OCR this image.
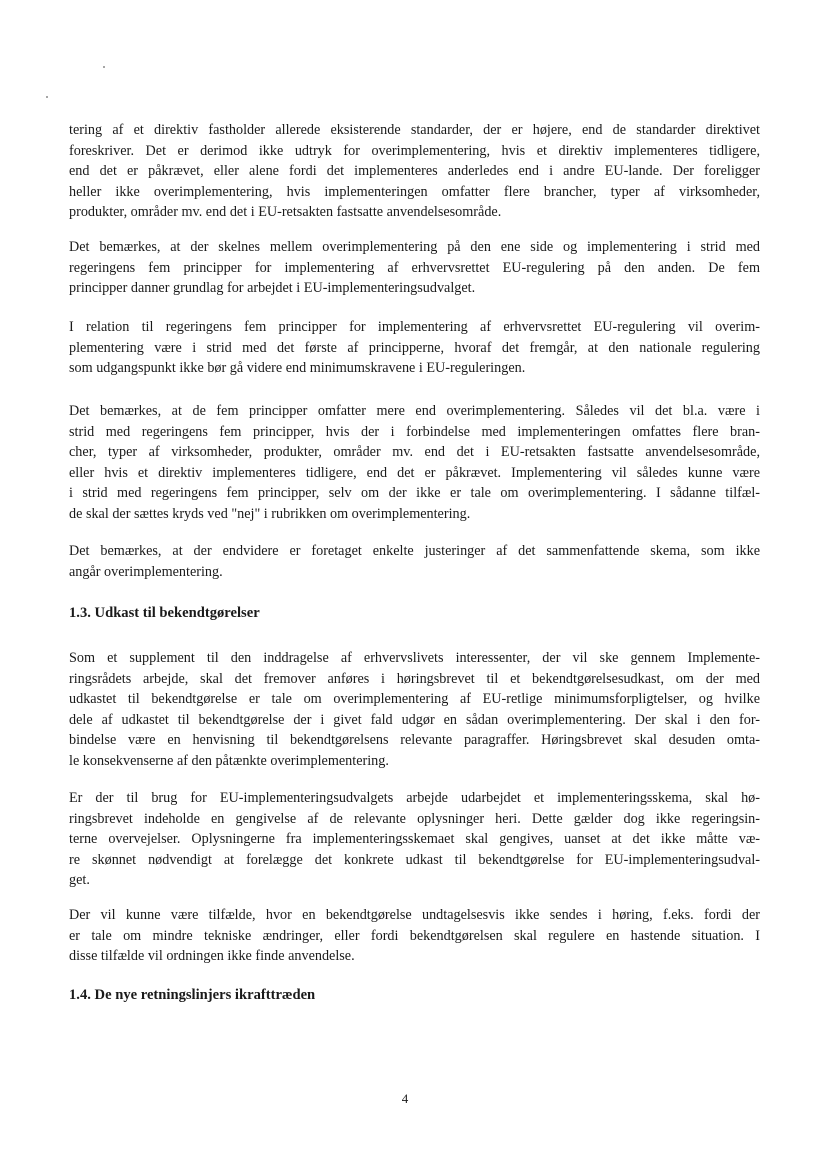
tering af et direktiv fastholder allerede eksisterende standarder, der er højere, end de standarder direktivet
foreskriver. Det er derimod ikke udtryk for overimplementering, hvis et direktiv implementeres tidligere,
end det er påkrævet, eller alene fordi det implementeres anderledes end i andre EU-lande. Der foreligger
heller ikke overimplementering, hvis implementeringen omfatter flere brancher, typer af virksomheder,
produkter, områder mv. end det i EU-retsakten fastsatte anvendelsesområde.

Det bemærkes, at der skelnes mellem overimplementering på den ene side og implementering i strid med
regeringens fem principper for implementering af erhvervsrettet EU-regulering på den anden. De fem
principper danner grundlag for arbejdet i EU-implementeringsudvalget.

I relation til regeringens fem principper for implementering af erhvervsrettet EU-regulering vil overim-
plementering være i strid med det første af principperne, hvoraf det fremgår, at den nationale regulering
som udgangspunkt ikke bør gå videre end minimumskravene i EU-reguleringen.

Det bemærkes, at de fem principper omfatter mere end overimplementering. Således vil det bl.a. være i
strid med regeringens fem principper, hvis der i forbindelse med implementeringen omfattes flere bran-
cher, typer af virksomheder, produkter, områder mv. end det i EU-retsakten fastsatte anvendelsesområde,
eller hvis et direktiv implementeres tidligere, end det er påkrævet. Implementering vil således kunne være
i strid med regeringens fem principper, selv om der ikke er tale om overimplementering. I sådanne tilfæl-
de skal der sættes kryds ved "nej" i rubrikken om overimplementering.

Det bemærkes, at der endvidere er foretaget enkelte justeringer af det sammenfattende skema, som ikke
angår overimplementering.

1.3. Udkast til bekendtgørelser

Som et supplement til den inddragelse af erhvervslivets interessenter, der vil ske gennem Implemente-
ringsrådets arbejde, skal det fremover anføres i høringsbrevet til et bekendtgørelsesudkast, om der med
udkastet til bekendtgørelse er tale om overimplementering af EU-retlige minimumsforpligtelser, og hvilke
dele af udkastet til bekendtgørelse der i givet fald udgør en sådan overimplementering. Der skal i den for-
bindelse være en henvisning til bekendtgørelsens relevante paragraffer. Høringsbrevet skal desuden omta-
le konsekvenserne af den påtænkte overimplementering.

Er der til brug for EU-implementeringsudvalgets arbejde udarbejdet et implementeringsskema, skal hø-
ringsbrevet indeholde en gengivelse af de relevante oplysninger heri. Dette gælder dog ikke regeringsin-
terne overvejelser. Oplysningerne fra implementeringsskemaet skal gengives, uanset at det ikke måtte væ-
re skønnet nødvendigt at forelægge det konkrete udkast til bekendtgørelse for EU-implementeringsudval-
get.

Der vil kunne være tilfælde, hvor en bekendtgørelse undtagelsesvis ikke sendes i høring, f.eks. fordi der
er tale om mindre tekniske ændringer, eller fordi bekendtgørelsen skal regulere en hastende situation. I
disse tilfælde vil ordningen ikke finde anvendelse.

1.4. De nye retningslinjers ikrafttræden
4
